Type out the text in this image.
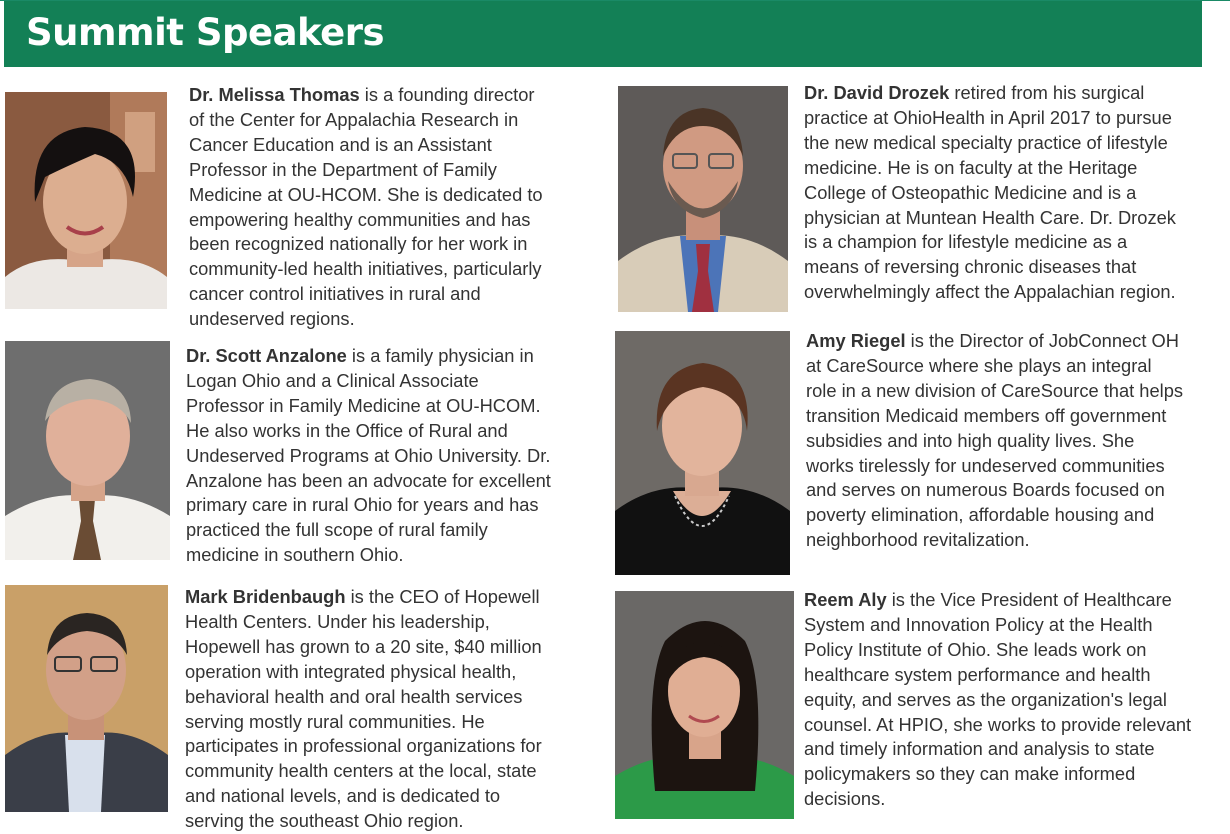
Summit Speakers
Dr. Melissa Thomas is a founding director
of the Center for Appalachia Research in
Cancer Education and is an Assistant
Professor in the Department of Family
Medicine at OU-HCOM. She is dedicated to
empowering healthy communities and has
been recognized nationally for her work in
community-led health initiatives, particularly
cancer control initiatives in rural and
undeserved regions.
Dr. Scott Anzalone is a family physician in
Logan Ohio and a Clinical Associate
Professor in Family Medicine at OU-HCOM.
He also works in the Office of Rural and
Undeserved Programs at Ohio University. Dr.
Anzalone has been an advocate for excellent
primary care in rural Ohio for years and has
practiced the full scope of rural family
medicine in southern Ohio.
Mark Bridenbaugh is the CEO of Hopewell
Health Centers. Under his leadership,
Hopewell has grown to a 20 site, $40 million
operation with integrated physical health,
behavioral health and oral health services
serving mostly rural communities. He
participates in professional organizations for
community health centers at the local, state
and national levels, and is dedicated to
serving the southeast Ohio region.
Dr. David Drozek retired from his surgical
practice at OhioHealth in April 2017 to pursue
the new medical specialty practice of lifestyle
medicine. He is on faculty at the Heritage
College of Osteopathic Medicine and is a
physician at Muntean Health Care. Dr. Drozek
is a champion for lifestyle medicine as a
means of reversing chronic diseases that
overwhelmingly affect the Appalachian region.
Amy Riegel is the Director of JobConnect OH
at CareSource where she plays an integral
role in a new division of CareSource that helps
transition Medicaid members off government
subsidies and into high quality lives. She
works tirelessly for undeserved communities
and serves on numerous Boards focused on
poverty elimination, affordable housing and
neighborhood revitalization.
Reem Aly is the Vice President of Healthcare
System and Innovation Policy at the Health
Policy Institute of Ohio. She leads work on
healthcare system performance and health
equity, and serves as the organization's legal
counsel. At HPIO, she works to provide relevant
and timely information and analysis to state
policymakers so they can make informed
decisions.
